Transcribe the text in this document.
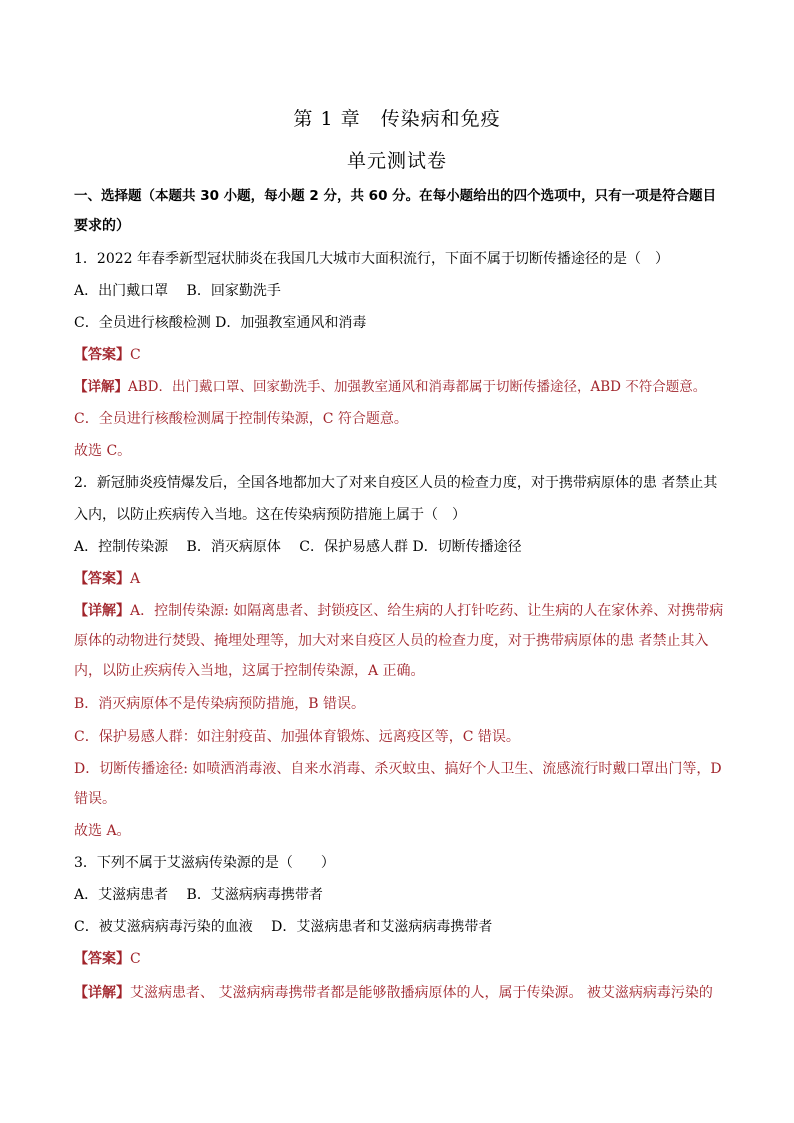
第 1 章　传染病和免疫
单元测试卷
一、选择题（本题共 30 小题，每小题 2 分，共 60 分。在每小题给出的四个选项中，只有一项是符合题目
要求的）
1．2022 年春季新型冠状肺炎在我国几大城市大面积流行，下面不属于切断传播途径的是（　）
A．出门戴口罩　 B．回家勤洗手
C．全员进行核酸检测 D．加强教室通风和消毒
【答案】C
【详解】ABD．出门戴口罩、回家勤洗手、加强教室通风和消毒都属于切断传播途径，ABD 不符合题意。
C．全员进行核酸检测属于控制传染源，C 符合题意。
故选 C。
2．新冠肺炎疫情爆发后，全国各地都加大了对来自疫区人员的检查力度，对于携带病原体的患 者禁止其
入内，以防止疾病传入当地。这在传染病预防措施上属于（　）
A．控制传染源　 B．消灭病原体　 C．保护易感人群 D．切断传播途径
【答案】A
【详解】A．控制传染源: 如隔离患者、封锁疫区、给生病的人打针吃药、让生病的人在家休养、对携带病
原体的动物进行焚毁、掩埋处理等，加大对来自疫区人员的检查力度，对于携带病原体的患 者禁止其入
内，以防止疾病传入当地，这属于控制传染源，A 正确。
B．消灭病原体不是传染病预防措施，B 错误。
C．保护易感人群：如注射疫苗、加强体育锻炼、远离疫区等，C 错误。
D．切断传播途径: 如喷洒消毒液、自来水消毒、杀灭蚊虫、搞好个人卫生、流感流行时戴口罩出门等，D
错误。
故选 A。
3．下列不属于艾滋病传染源的是（　　）
A．艾滋病患者　 B．艾滋病病毒携带者
C．被艾滋病病毒污染的血液　 D．艾滋病患者和艾滋病病毒携带者
【答案】C
【详解】艾滋病患者、 艾滋病病毒携带者都是能够散播病原体的人，属于传染源。 被艾滋病病毒污染的
